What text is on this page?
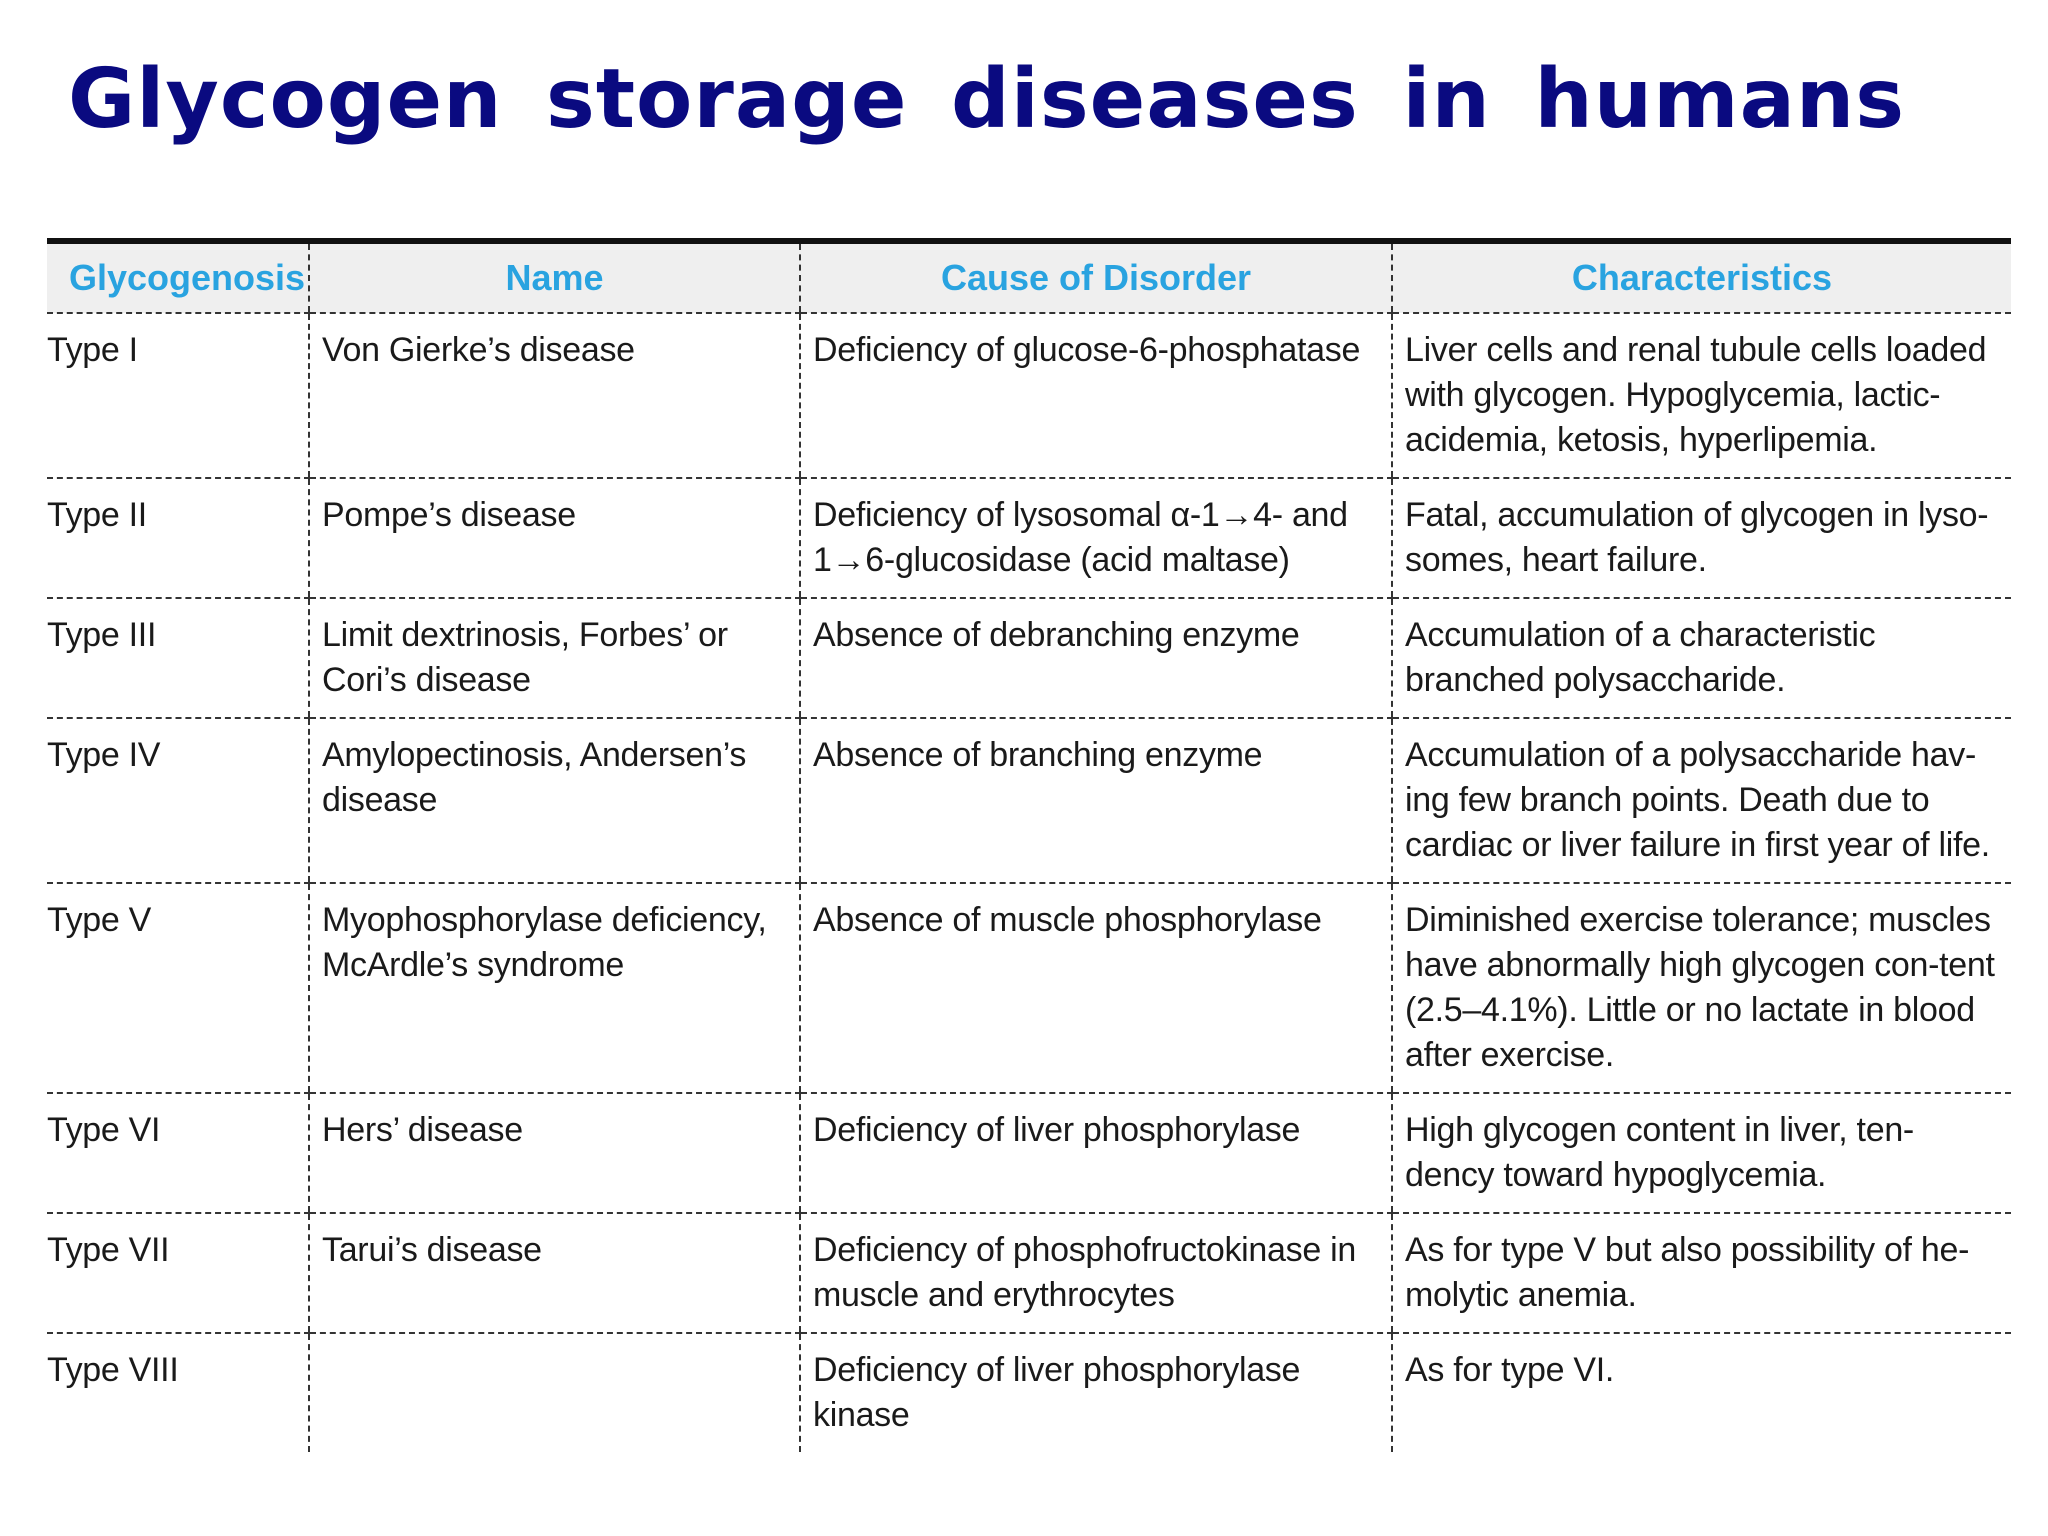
Glycogen storage diseases in humans
Glycogenosis	Name	Cause of Disorder	Characteristics
Type I	Von Gierke’s disease	Deficiency of glucose-6-phosphatase	Liver cells and renal tubule cells loaded with glycogen. Hypoglycemia, lactic-acidemia, ketosis, hyperlipemia.
Type II	Pompe’s disease	Deficiency of lysosomal α-1→4- and 1→6-glucosidase (acid maltase)	Fatal, accumulation of glycogen in lyso-somes, heart failure.
Type III	Limit dextrinosis, Forbes’ or Cori’s disease	Absence of debranching enzyme	Accumulation of a characteristic branched polysaccharide.
Type IV	Amylopectinosis, Andersen’s disease	Absence of branching enzyme	Accumulation of a polysaccharide hav-ing few branch points. Death due to cardiac or liver failure in first year of life.
Type V	Myophosphorylase deficiency, McArdle’s syndrome	Absence of muscle phosphorylase	Diminished exercise tolerance; muscles have abnormally high glycogen con-tent (2.5–4.1%). Little or no lactate in blood after exercise.
Type VI	Hers’ disease	Deficiency of liver phosphorylase	High glycogen content in liver, ten-dency toward hypoglycemia.
Type VII	Tarui’s disease	Deficiency of phosphofructokinase in muscle and erythrocytes	As for type V but also possibility of he-molytic anemia.
Type VIII		Deficiency of liver phosphorylase kinase	As for type VI.
